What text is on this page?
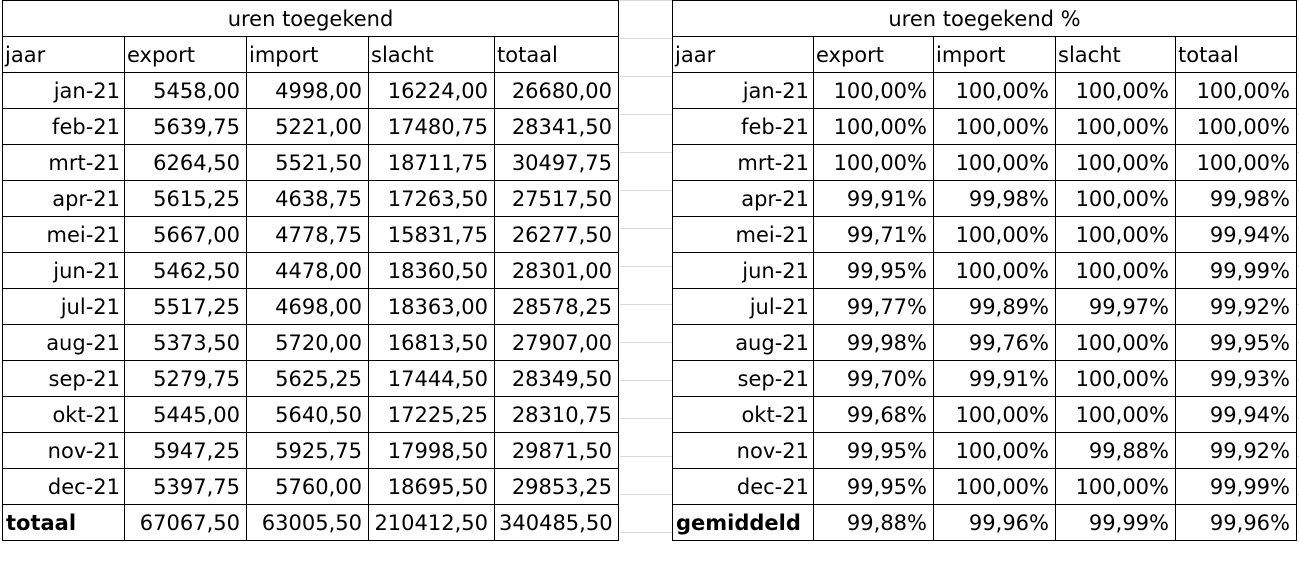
uren toegekend				
jaar	export	import	slacht	totaal
jan-21	5458,00	4998,00	16224,00	26680,00
feb-21	5639,75	5221,00	17480,75	28341,50
mrt-21	6264,50	5521,50	18711,75	30497,75
apr-21	5615,25	4638,75	17263,50	27517,50
mei-21	5667,00	4778,75	15831,75	26277,50
jun-21	5462,50	4478,00	18360,50	28301,00
jul-21	5517,25	4698,00	18363,00	28578,25
aug-21	5373,50	5720,00	16813,50	27907,00
sep-21	5279,75	5625,25	17444,50	28349,50
okt-21	5445,00	5640,50	17225,25	28310,75
nov-21	5947,25	5925,75	17998,50	29871,50
dec-21	5397,75	5760,00	18695,50	29853,25
totaal	67067,50	63005,50	210412,50	340485,50
uren toegekend %				
jaar	export	import	slacht	totaal
jan-21	100,00%	100,00%	100,00%	100,00%
feb-21	100,00%	100,00%	100,00%	100,00%
mrt-21	100,00%	100,00%	100,00%	100,00%
apr-21	99,91%	99,98%	100,00%	99,98%
mei-21	99,71%	100,00%	100,00%	99,94%
jun-21	99,95%	100,00%	100,00%	99,99%
jul-21	99,77%	99,89%	99,97%	99,92%
aug-21	99,98%	99,76%	100,00%	99,95%
sep-21	99,70%	99,91%	100,00%	99,93%
okt-21	99,68%	100,00%	100,00%	99,94%
nov-21	99,95%	100,00%	99,88%	99,92%
dec-21	99,95%	100,00%	100,00%	99,99%
gemiddeld	99,88%	99,96%	99,99%	99,96%
